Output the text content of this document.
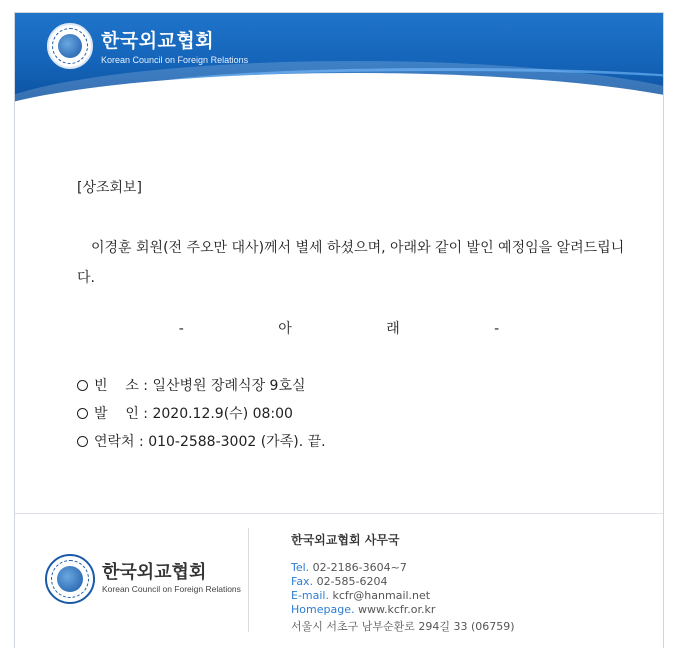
한국외교협회
Korean Council on Foreign Relations
[상조회보]
이경훈 회원(전 주오만 대사)께서 별세 하셨으며, 아래와 같이 발인 예정임을 알려드립니다.
- 아 래 -
빈    소 : 일산병원 장례식장 9호실
발    인 : 2020.12.9(수) 08:00
연락처 : 010-2588-3002 (가족). 끝.
한국외교협회
Korean Council on Foreign Relations
한국외교협회 사무국
Tel. 02-2186-3604~7
Fax. 02-585-6204
E-mail. kcfr@hanmail.net
Homepage. www.kcfr.or.kr
서울시 서초구 남부순환로 294길 33 (06759)
